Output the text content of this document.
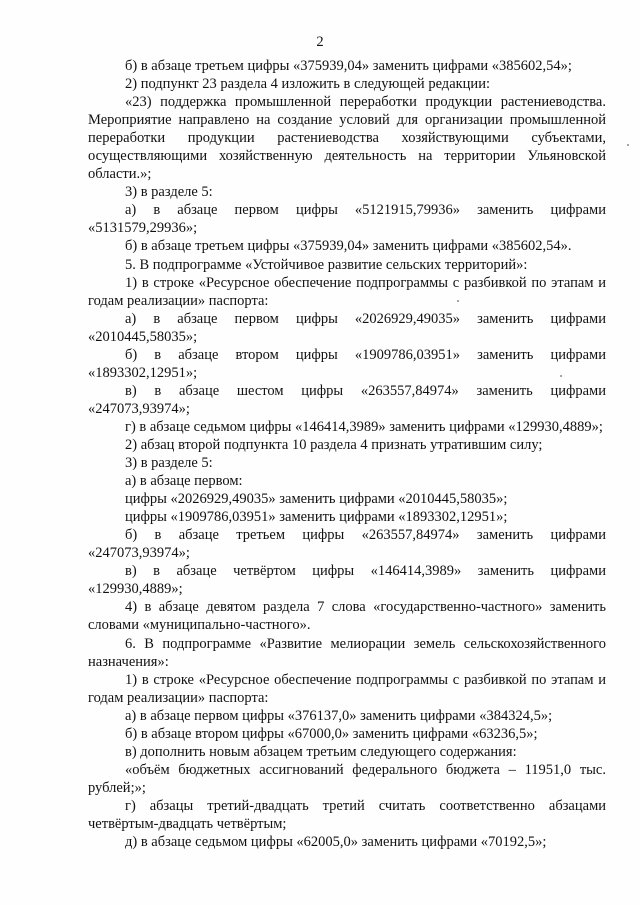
2

б) в абзаце третьем цифры «375939,04» заменить цифрами «385602,54»;

2) подпункт 23 раздела 4 изложить в следующей редакции:

«23) поддержка промышленной переработки продукции растениеводства. Мероприятие направлено на создание условий для организации промышленной переработки продукции растениеводства хозяйствующими субъектами, осуществляющими хозяйственную деятельность на территории Ульяновской области.»;

3) в разделе 5:

а) в абзаце первом цифры «5121915,79936» заменить цифрами «5131579,29936»;

б) в абзаце третьем цифры «375939,04» заменить цифрами «385602,54».

5. В подпрограмме «Устойчивое развитие сельских территорий»:

1) в строке «Ресурсное обеспечение подпрограммы с разбивкой по этапам и годам реализации» паспорта:

а) в абзаце первом цифры «2026929,49035» заменить цифрами «2010445,58035»;

б) в абзаце втором цифры «1909786,03951» заменить цифрами «1893302,12951»;

в) в абзаце шестом цифры «263557,84974» заменить цифрами «247073,93974»;

г) в абзаце седьмом цифры «146414,3989» заменить цифрами «129930,4889»;

2) абзац второй подпункта 10 раздела 4 признать утратившим силу;

3) в разделе 5:

а) в абзаце первом:

цифры «2026929,49035» заменить цифрами «2010445,58035»;

цифры «1909786,03951» заменить цифрами «1893302,12951»;

б) в абзаце третьем цифры «263557,84974» заменить цифрами «247073,93974»;

в) в абзаце четвёртом цифры «146414,3989» заменить цифрами «129930,4889»;

4) в абзаце девятом раздела 7 слова «государственно-частного» заменить словами «муниципально-частного».

6. В подпрограмме «Развитие мелиорации земель сельскохозяйственного назначения»:

1) в строке «Ресурсное обеспечение подпрограммы с разбивкой по этапам и годам реализации» паспорта:

а) в абзаце первом цифры «376137,0» заменить цифрами «384324,5»;

б) в абзаце втором цифры «67000,0» заменить цифрами «63236,5»;

в) дополнить новым абзацем третьим следующего содержания:

«объём бюджетных ассигнований федерального бюджета – 11951,0 тыс. рублей;»;

г) абзацы третий-двадцать третий считать соответственно абзацами четвёртым-двадцать четвёртым;

д) в абзаце седьмом цифры «62005,0» заменить цифрами «70192,5»;
